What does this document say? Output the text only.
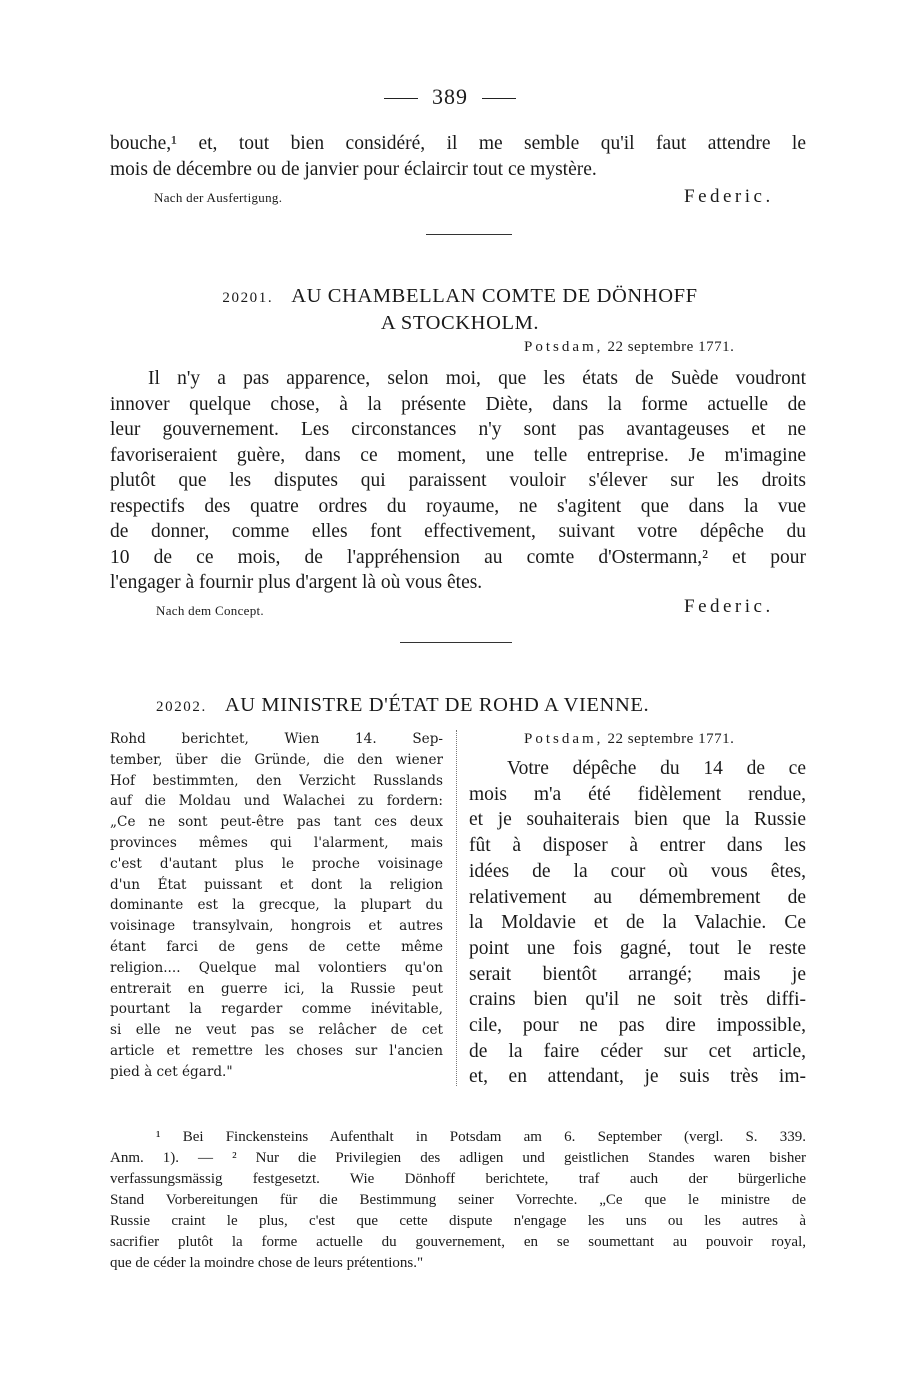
389
bouche,¹ et, tout bien considéré, il me semble qu'il faut attendre le
mois de décembre ou de janvier pour éclaircir tout ce mystère.
Nach der Ausfertigung.	Federic.
20201. AU CHAMBELLAN COMTE DE DÖNHOFF
A STOCKHOLM.
Potsdam, 22 septembre 1771.
Il n'y a pas apparence, selon moi, que les états de Suède voudront
innover quelque chose, à la présente Diète, dans la forme actuelle de
leur gouvernement. Les circonstances n'y sont pas avantageuses et ne
favoriseraient guère, dans ce moment, une telle entreprise. Je m'imagine
plutôt que les disputes qui paraissent vouloir s'élever sur les droits
respectifs des quatre ordres du royaume, ne s'agitent que dans la vue
de donner, comme elles font effectivement, suivant votre dépêche du
10 de ce mois, de l'appréhension au comte d'Ostermann,² et pour
l'engager à fournir plus d'argent là où vous êtes.
Nach dem Concept.	Federic.
20202. AU MINISTRE D'ÉTAT DE ROHD A VIENNE.
Rohd berichtet, Wien 14. Sep-
tember, über die Gründe, die den wiener
Hof bestimmten, den Verzicht Russlands
auf die Moldau und Walachei zu fordern:
„Ce ne sont peut-être pas tant ces deux
provinces mêmes qui l'alarment, mais
c'est d'autant plus le proche voisinage
d'un État puissant et dont la religion
dominante est la grecque, la plupart du
voisinage transylvain, hongrois et autres
étant farci de gens de cette même
religion.... Quelque mal volontiers qu'on
entrerait en guerre ici, la Russie peut
pourtant la regarder comme inévitable,
si elle ne veut pas se relâcher de cet
article et remettre les choses sur l'ancien
pied à cet égard."
Potsdam, 22 septembre 1771.
Votre dépêche du 14 de ce
mois m'a été fidèlement rendue,
et je souhaiterais bien que la Russie
fût à disposer à entrer dans les
idées de la cour où vous êtes,
relativement au démembrement de
la Moldavie et de la Valachie. Ce
point une fois gagné, tout le reste
serait bientôt arrangé; mais je
crains bien qu'il ne soit très diffi-
cile, pour ne pas dire impossible,
de la faire céder sur cet article,
et, en attendant, je suis très im-
¹ Bei Finckensteins Aufenthalt in Potsdam am 6. September (vergl. S. 339.
Anm. 1). — ² Nur die Privilegien des adligen und geistlichen Standes waren bisher
verfassungsmässig festgesetzt. Wie Dönhoff berichtete, traf auch der bürgerliche
Stand Vorbereitungen für die Bestimmung seiner Vorrechte. „Ce que le ministre de
Russie craint le plus, c'est que cette dispute n'engage les uns ou les autres à
sacrifier plutôt la forme actuelle du gouvernement, en se soumettant au pouvoir royal,
que de céder la moindre chose de leurs prétentions."
